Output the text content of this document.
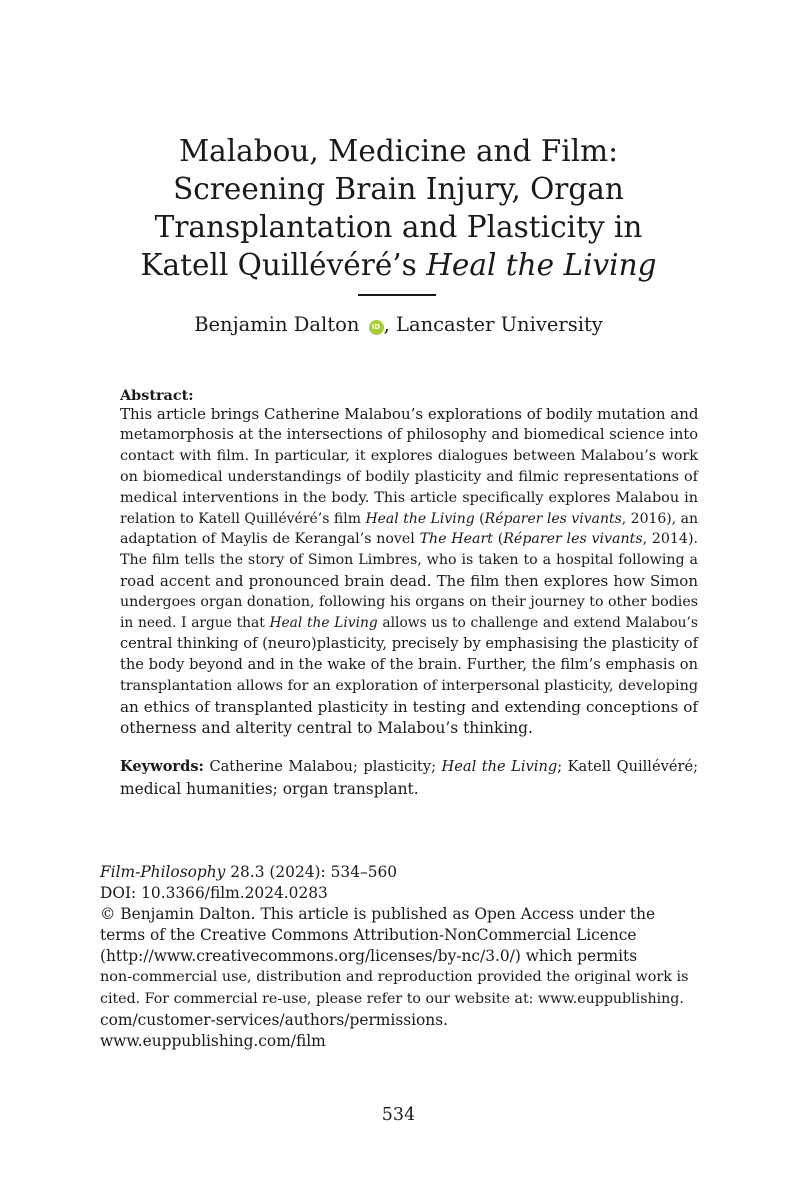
Malabou, Medicine and Film:
Screening Brain Injury, Organ
Transplantation and Plasticity in
Katell Quillévéré’s Heal the Living
Benjamin Dalton iD , Lancaster University
Abstract:
This article brings Catherine Malabou’s explorations of bodily mutation and
metamorphosis at the intersections of philosophy and biomedical science into
contact with film. In particular, it explores dialogues between Malabou’s work
on biomedical understandings of bodily plasticity and filmic representations of
medical interventions in the body. This article specifically explores Malabou in
relation to Katell Quillévéré’s film Heal the Living (Réparer les vivants, 2016), an
adaptation of Maylis de Kerangal’s novel The Heart (Réparer les vivants, 2014).
The film tells the story of Simon Limbres, who is taken to a hospital following a
road accent and pronounced brain dead. The film then explores how Simon
undergoes organ donation, following his organs on their journey to other bodies
in need. I argue that Heal the Living allows us to challenge and extend Malabou’s
central thinking of (neuro)plasticity, precisely by emphasising the plasticity of
the body beyond and in the wake of the brain. Further, the film’s emphasis on
transplantation allows for an exploration of interpersonal plasticity, developing
an ethics of transplanted plasticity in testing and extending conceptions of
otherness and alterity central to Malabou’s thinking.
Keywords: Catherine Malabou; plasticity; Heal the Living; Katell Quillévéré;
medical humanities; organ transplant.
Film-Philosophy 28.3 (2024): 534–560
DOI: 10.3366/film.2024.0283
© Benjamin Dalton. This article is published as Open Access under the
terms of the Creative Commons Attribution-NonCommercial Licence
(http://www.creativecommons.org/licenses/by-nc/3.0/) which permits
non-commercial use, distribution and reproduction provided the original work is
cited. For commercial re-use, please refer to our website at: www.euppublishing.
com/customer-services/authors/permissions.
www.euppublishing.com/film
534
